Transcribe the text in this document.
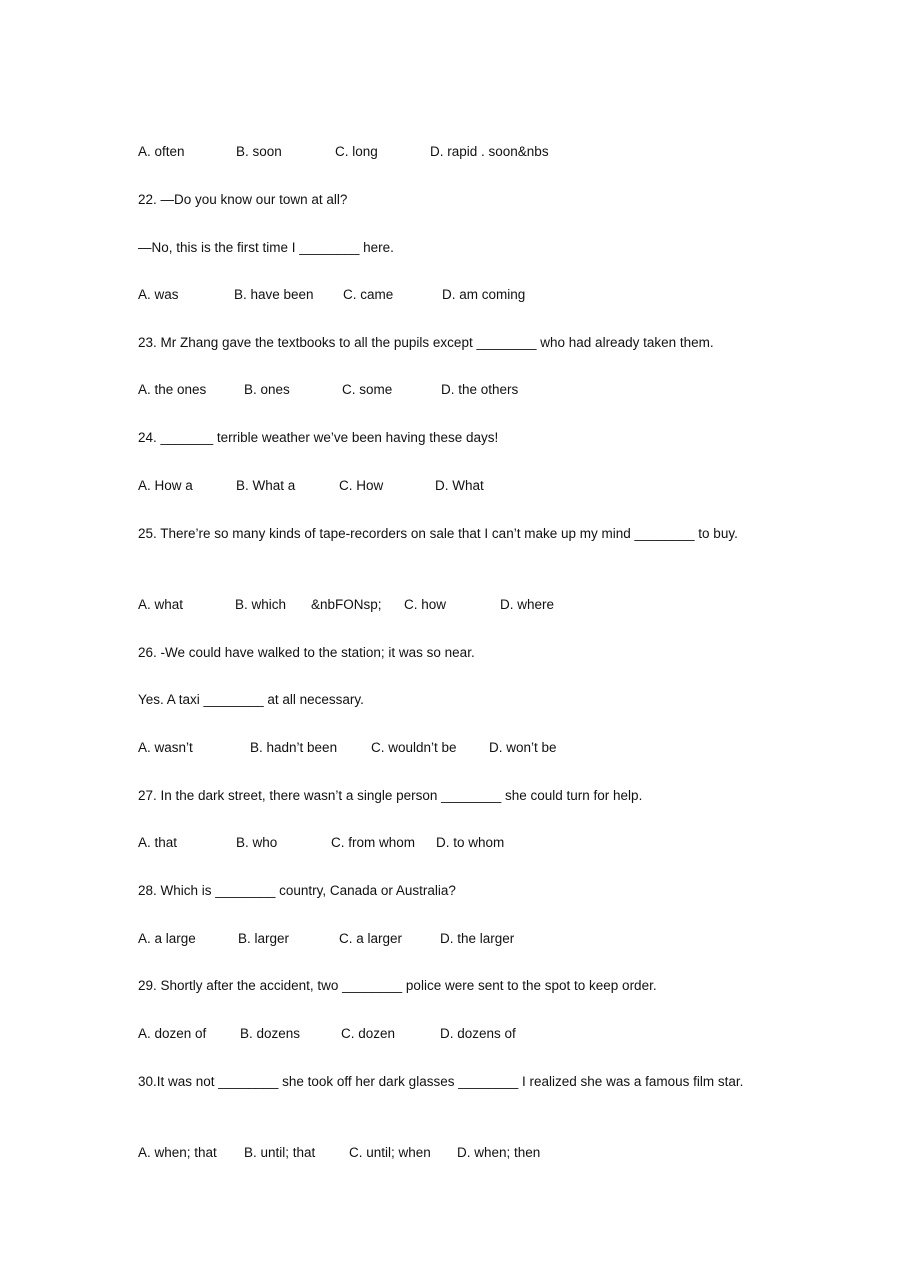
A. often	B. soon	C. long	D. rapid . soon&nbs
22. —Do you know our town at all?
—No, this is the first time I ________ here.
A. was	B. have been C. came	D. am coming
23. Mr Zhang gave the textbooks to all the pupils except ________ who had already taken them.
A. the ones	B. ones	C. some	D. the others
24. _______ terrible weather we’ve been having these days!
A. How a	B. What a	C. How	D. What
25. There’re so many kinds of tape-recorders on sale that I can’t make up my mind ________ to buy.
A. what	B. which &nbFONsp; C. how	D. where
26. -We could have walked to the station; it was so near.
Yes. A taxi ________ at all necessary.
A. wasn’t	B. hadn’t been	C. wouldn’t be D. won’t be
27. In the dark street, there wasn’t a single person ________ she could turn for help.
A. that	B. who	C. from whom D. to whom
28. Which is ________ country, Canada or Australia?
A. a large	B. larger	C. a larger	D. the larger
29. Shortly after the accident, two ________ police were sent to the spot to keep order.
A. dozen of B. dozens	C. dozen	D. dozens of
30.It was not ________ she took off her dark glasses ________ I realized she was a famous film star.
A. when; that B. until; that C. until; when D. when; then
